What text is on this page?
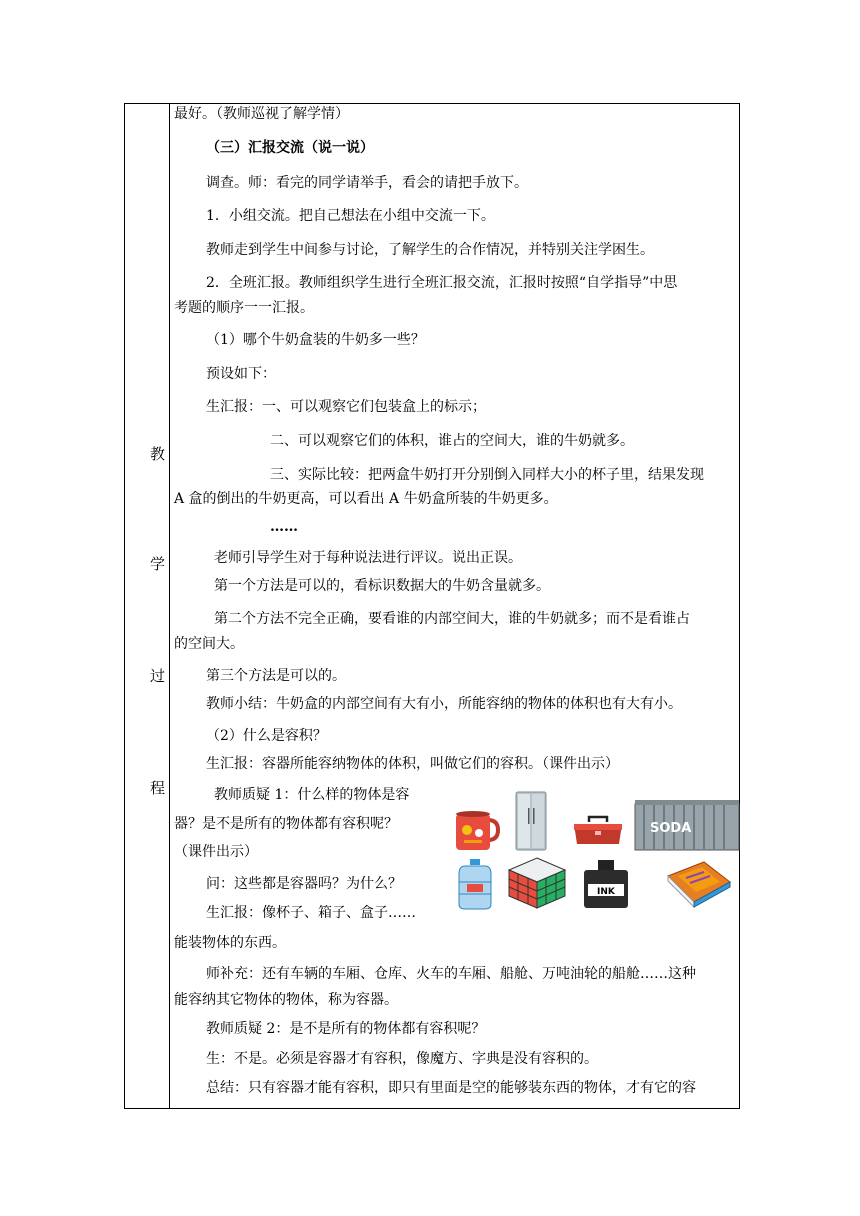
教
学
过
程
最好。（教师巡视了解学情）
（三）汇报交流（说一说）
调查。师：看完的同学请举手，看会的请把手放下。
1．小组交流。把自己想法在小组中交流一下。
教师走到学生中间参与讨论，了解学生的合作情况，并特别关注学困生。
2．全班汇报。教师组织学生进行全班汇报交流，汇报时按照“自学指导”中思
考题的顺序一一汇报。
（1）哪个牛奶盒装的牛奶多一些？
预设如下：
生汇报：一、可以观察它们包装盒上的标示；
二、可以观察它们的体积，谁占的空间大，谁的牛奶就多。
三、实际比较：把两盒牛奶打开分别倒入同样大小的杯子里，结果发现
A 盒的倒出的牛奶更高，可以看出 A 牛奶盒所装的牛奶更多。
……
老师引导学生对于每种说法进行评议。说出正误。
第一个方法是可以的，看标识数据大的牛奶含量就多。
第二个方法不完全正确，要看谁的内部空间大，谁的牛奶就多；而不是看谁占
的空间大。
第三个方法是可以的。
教师小结：牛奶盒的内部空间有大有小，所能容纳的物体的体积也有大有小。
（2）什么是容积？
生汇报：容器所能容纳物体的体积，叫做它们的容积。（课件出示）
教师质疑 1：什么样的物体是容
器？是不是所有的物体都有容积呢？
（课件出示）
问：这些都是容器吗？为什么？
生汇报：像杯子、箱子、盒子……
能装物体的东西。
师补充：还有车辆的车厢、仓库、火车的车厢、船舱、万吨油轮的船舱……这种
能容纳其它物体的物体，称为容器。
教师质疑 2：是不是所有的物体都有容积呢？
生：不是。必须是容器才有容积，像魔方、字典是没有容积的。
总结：只有容器才能有容积，即只有里面是空的能够装东西的物体，才有它的容
SODA
INK
